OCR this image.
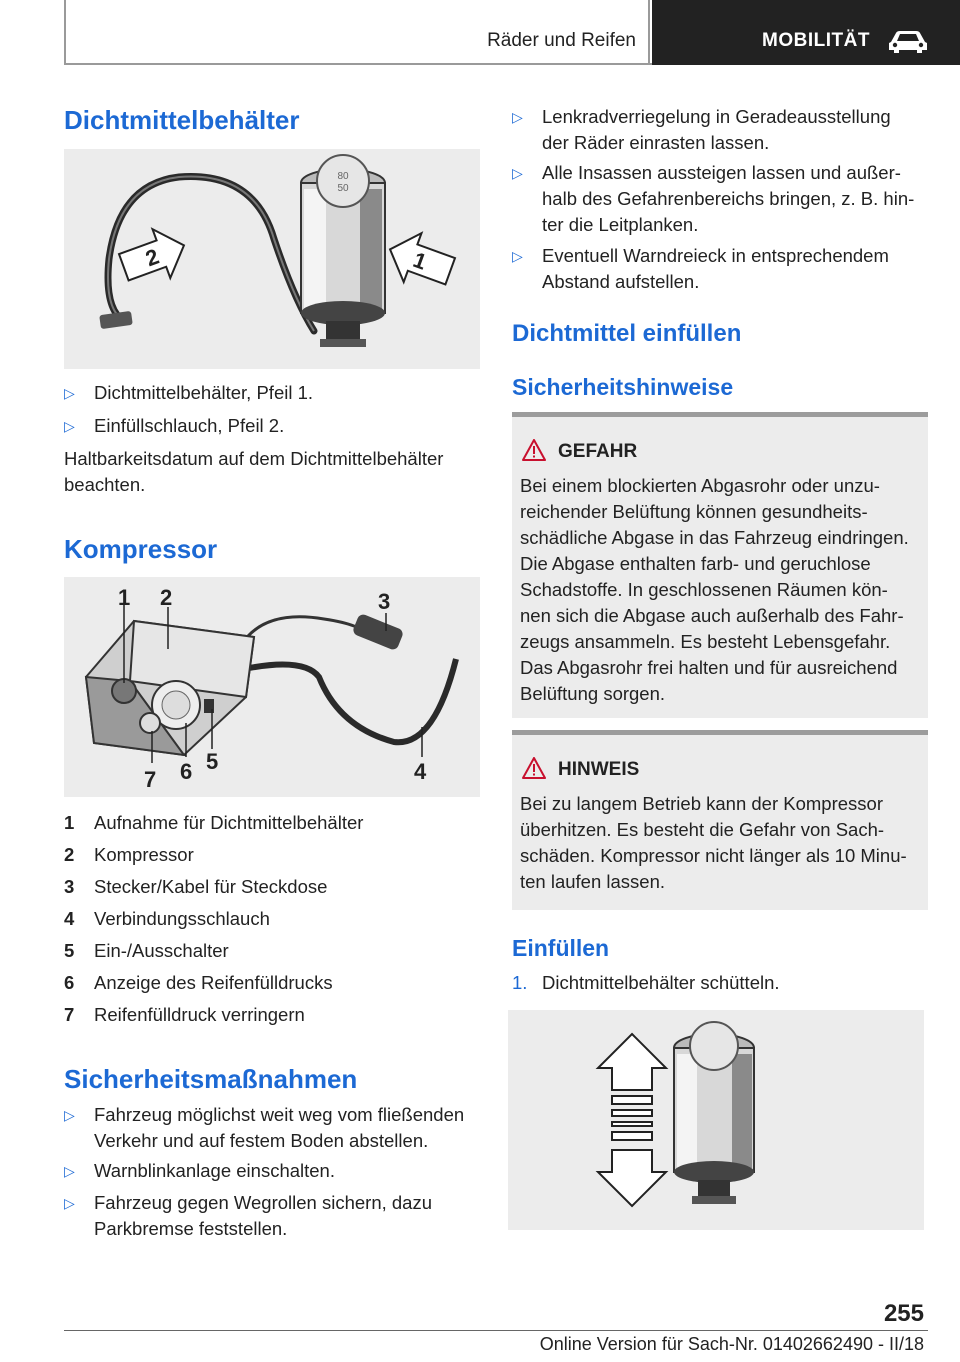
Räder und Reifen	MOBILITÄT
Dichtmittelbehälter
80
50
1
2
▷ Dichtmittelbehälter, Pfeil 1.
▷ Einfüllschlauch, Pfeil 2.
Haltbarkeitsdatum auf dem Dichtmittelbehälter
beachten.
Kompressor
1 2	3
4
5
6
7
1 Aufnahme für Dichtmittelbehälter
2 Kompressor
3 Stecker/Kabel für Steckdose
4 Verbindungsschlauch
5 Ein-/Ausschalter
6 Anzeige des Reifenfülldrucks
7 Reifenfülldruck verringern
Sicherheitsmaßnahmen
▷ Fahrzeug möglichst weit weg vom fließenden
Verkehr und auf festem Boden abstellen.
▷ Warnblinkanlage einschalten.
▷ Fahrzeug gegen Wegrollen sichern, dazu
Parkbremse feststellen.
▷ Lenkradverriegelung in Geradeausstellung
der Räder einrasten lassen.
▷ Alle Insassen aussteigen lassen und außer-
halb des Gefahrenbereichs bringen, z. B. hin-
ter die Leitplanken.
▷ Eventuell Warndreieck in entsprechendem
Abstand aufstellen.
Dichtmittel einfüllen
Sicherheitshinweise
GEFAHR
Bei einem blockierten Abgasrohr oder unzu-
reichender Belüftung können gesundheits-
schädliche Abgase in das Fahrzeug eindringen.
Die Abgase enthalten farb- und geruchlose
Schadstoffe. In geschlossenen Räumen kön-
nen sich die Abgase auch außerhalb des Fahr-
zeugs ansammeln. Es besteht Lebensgefahr.
Das Abgasrohr frei halten und für ausreichend
Belüftung sorgen.
HINWEIS
Bei zu langem Betrieb kann der Kompressor
überhitzen. Es besteht die Gefahr von Sach-
schäden. Kompressor nicht länger als 10 Minu-
ten laufen lassen.
Einfüllen
1. Dichtmittelbehälter schütteln.
255
Online Version für Sach-Nr. 01402662490 - II/18
